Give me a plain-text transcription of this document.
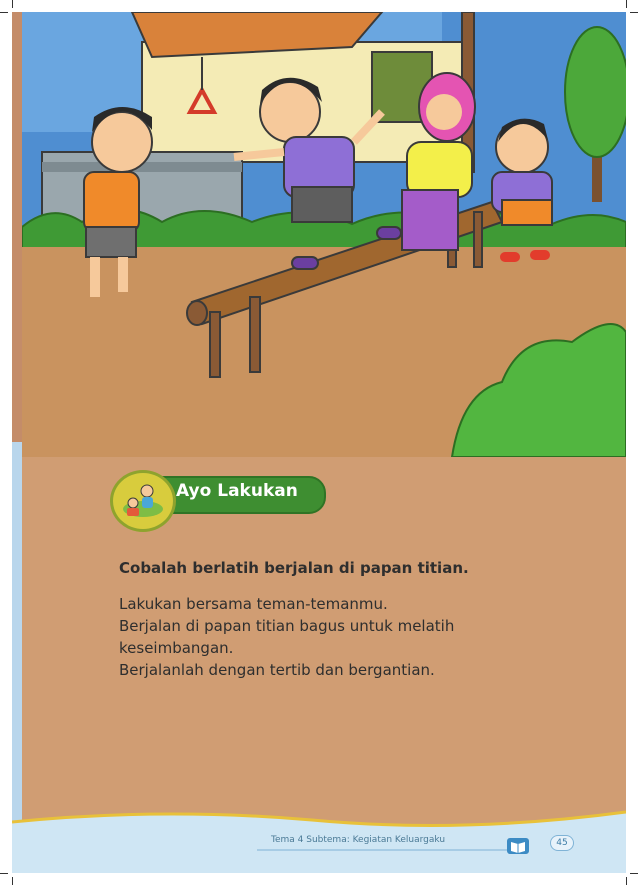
Ayo Lakukan
Cobalah berlatih berjalan di papan titian.
Lakukan bersama teman-temanmu.
Berjalan di papan titian bagus untuk melatih
keseimbangan.
Berjalanlah dengan tertib dan bergantian.
Tema 4 Subtema: Kegiatan Keluargaku	45
